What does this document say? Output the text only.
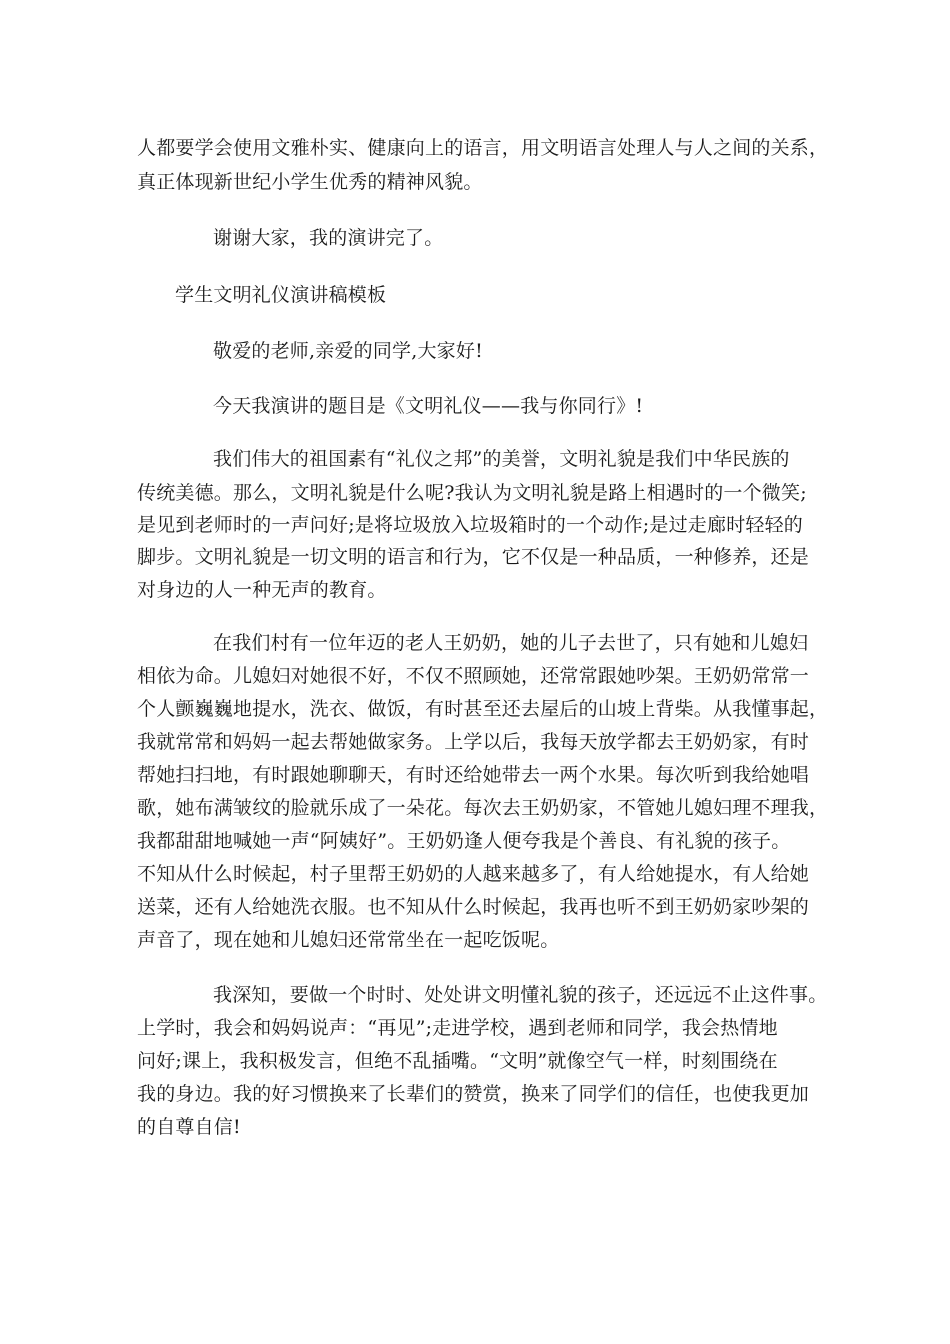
人都要学会使用文雅朴实、健康向上的语言，用文明语言处理人与人之间的关系，
真正体现新世纪小学生优秀的精神风貌。
谢谢大家，我的演讲完了。
学生文明礼仪演讲稿模板
敬爱的老师,亲爱的同学,大家好!
今天我演讲的题目是《文明礼仪——我与你同行》!
我们伟大的祖国素有“礼仪之邦”的美誉，文明礼貌是我们中华民族的
传统美德。那么，文明礼貌是什么呢?我认为文明礼貌是路上相遇时的一个微笑;
是见到老师时的一声问好;是将垃圾放入垃圾箱时的一个动作;是过走廊时轻轻的
脚步。文明礼貌是一切文明的语言和行为，它不仅是一种品质，一种修养，还是
对身边的人一种无声的教育。
在我们村有一位年迈的老人王奶奶，她的儿子去世了，只有她和儿媳妇
相依为命。儿媳妇对她很不好，不仅不照顾她，还常常跟她吵架。王奶奶常常一
个人颤巍巍地提水，洗衣、做饭，有时甚至还去屋后的山坡上背柴。从我懂事起，
我就常常和妈妈一起去帮她做家务。上学以后，我每天放学都去王奶奶家，有时
帮她扫扫地，有时跟她聊聊天，有时还给她带去一两个水果。每次听到我给她唱
歌，她布满皱纹的脸就乐成了一朵花。每次去王奶奶家，不管她儿媳妇理不理我，
我都甜甜地喊她一声“阿姨好”。王奶奶逢人便夸我是个善良、有礼貌的孩子。
不知从什么时候起，村子里帮王奶奶的人越来越多了，有人给她提水，有人给她
送菜，还有人给她洗衣服。也不知从什么时候起，我再也听不到王奶奶家吵架的
声音了，现在她和儿媳妇还常常坐在一起吃饭呢。
我深知，要做一个时时、处处讲文明懂礼貌的孩子，还远远不止这件事。
上学时，我会和妈妈说声：“再见”;走进学校，遇到老师和同学，我会热情地
问好;课上，我积极发言，但绝不乱插嘴。“文明”就像空气一样，时刻围绕在
我的身边。我的好习惯换来了长辈们的赞赏，换来了同学们的信任，也使我更加
的自尊自信!
